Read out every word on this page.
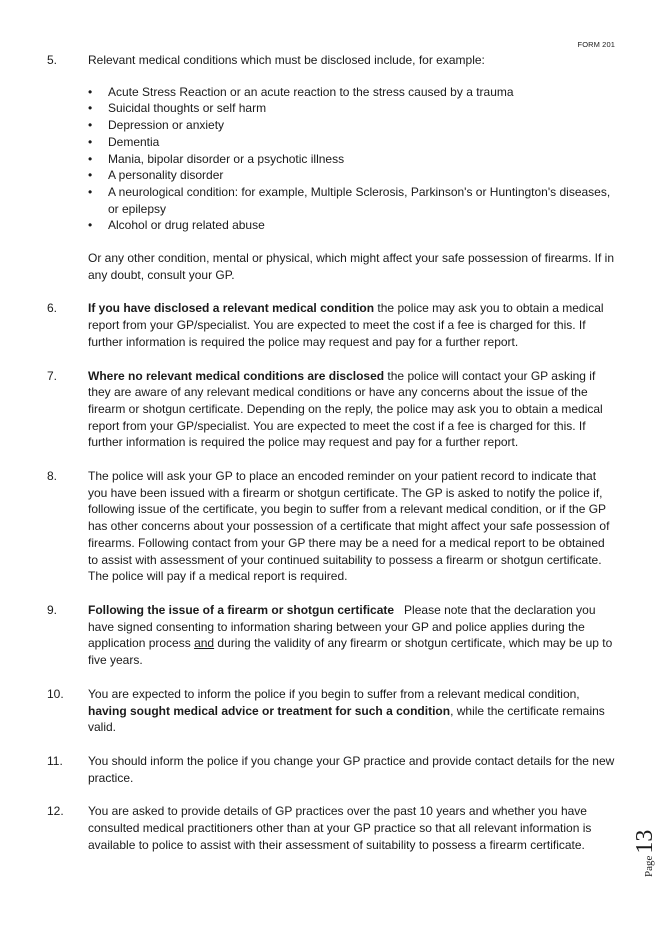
FORM 201
5.	Relevant medical conditions which must be disclosed include, for example:

• Acute Stress Reaction or an acute reaction to the stress caused by a trauma
• Suicidal thoughts or self harm
• Depression or anxiety
• Dementia
• Mania, bipolar disorder or a psychotic illness
• A personality disorder
• A neurological condition: for example, Multiple Sclerosis, Parkinson's or Huntington's diseases, or epilepsy
• Alcohol or drug related abuse

Or any other condition, mental or physical, which might affect your safe possession of firearms. If in any doubt, consult your GP.

6.	If you have disclosed a relevant medical condition the police may ask you to obtain a medical report from your GP/specialist. You are expected to meet the cost if a fee is charged for this. If further information is required the police may request and pay for a further report.
7.	Where no relevant medical conditions are disclosed the police will contact your GP asking if they are aware of any relevant medical conditions or have any concerns about the issue of the firearm or shotgun certificate. Depending on the reply, the police may ask you to obtain a medical report from your GP/specialist. You are expected to meet the cost if a fee is charged for this. If further information is required the police may request and pay for a further report.
8.	The police will ask your GP to place an encoded reminder on your patient record to indicate that you have been issued with a firearm or shotgun certificate. The GP is asked to notify the police if, following issue of the certificate, you begin to suffer from a relevant medical condition, or if the GP has other concerns about your possession of a certificate that might affect your safe possession of firearms. Following contact from your GP there may be a need for a medical report to be obtained to assist with assessment of your continued suitability to possess a firearm or shotgun certificate. The police will pay if a medical report is required.
9.	Following the issue of a firearm or shotgun certificate   Please note that the declaration you have signed consenting to information sharing between your GP and police applies during the application process and during the validity of any firearm or shotgun certificate, which may be up to five years.
10. You are expected to inform the police if you begin to suffer from a relevant medical condition, having sought medical advice or treatment for such a condition, while the certificate remains valid.
11. You should inform the police if you change your GP practice and provide contact details for the new practice.
12. You are asked to provide details of GP practices over the past 10 years and whether you have consulted medical practitioners other than at your GP practice so that all relevant information is available to police to assist with their assessment of suitability to possess a firearm certificate.
Page13
